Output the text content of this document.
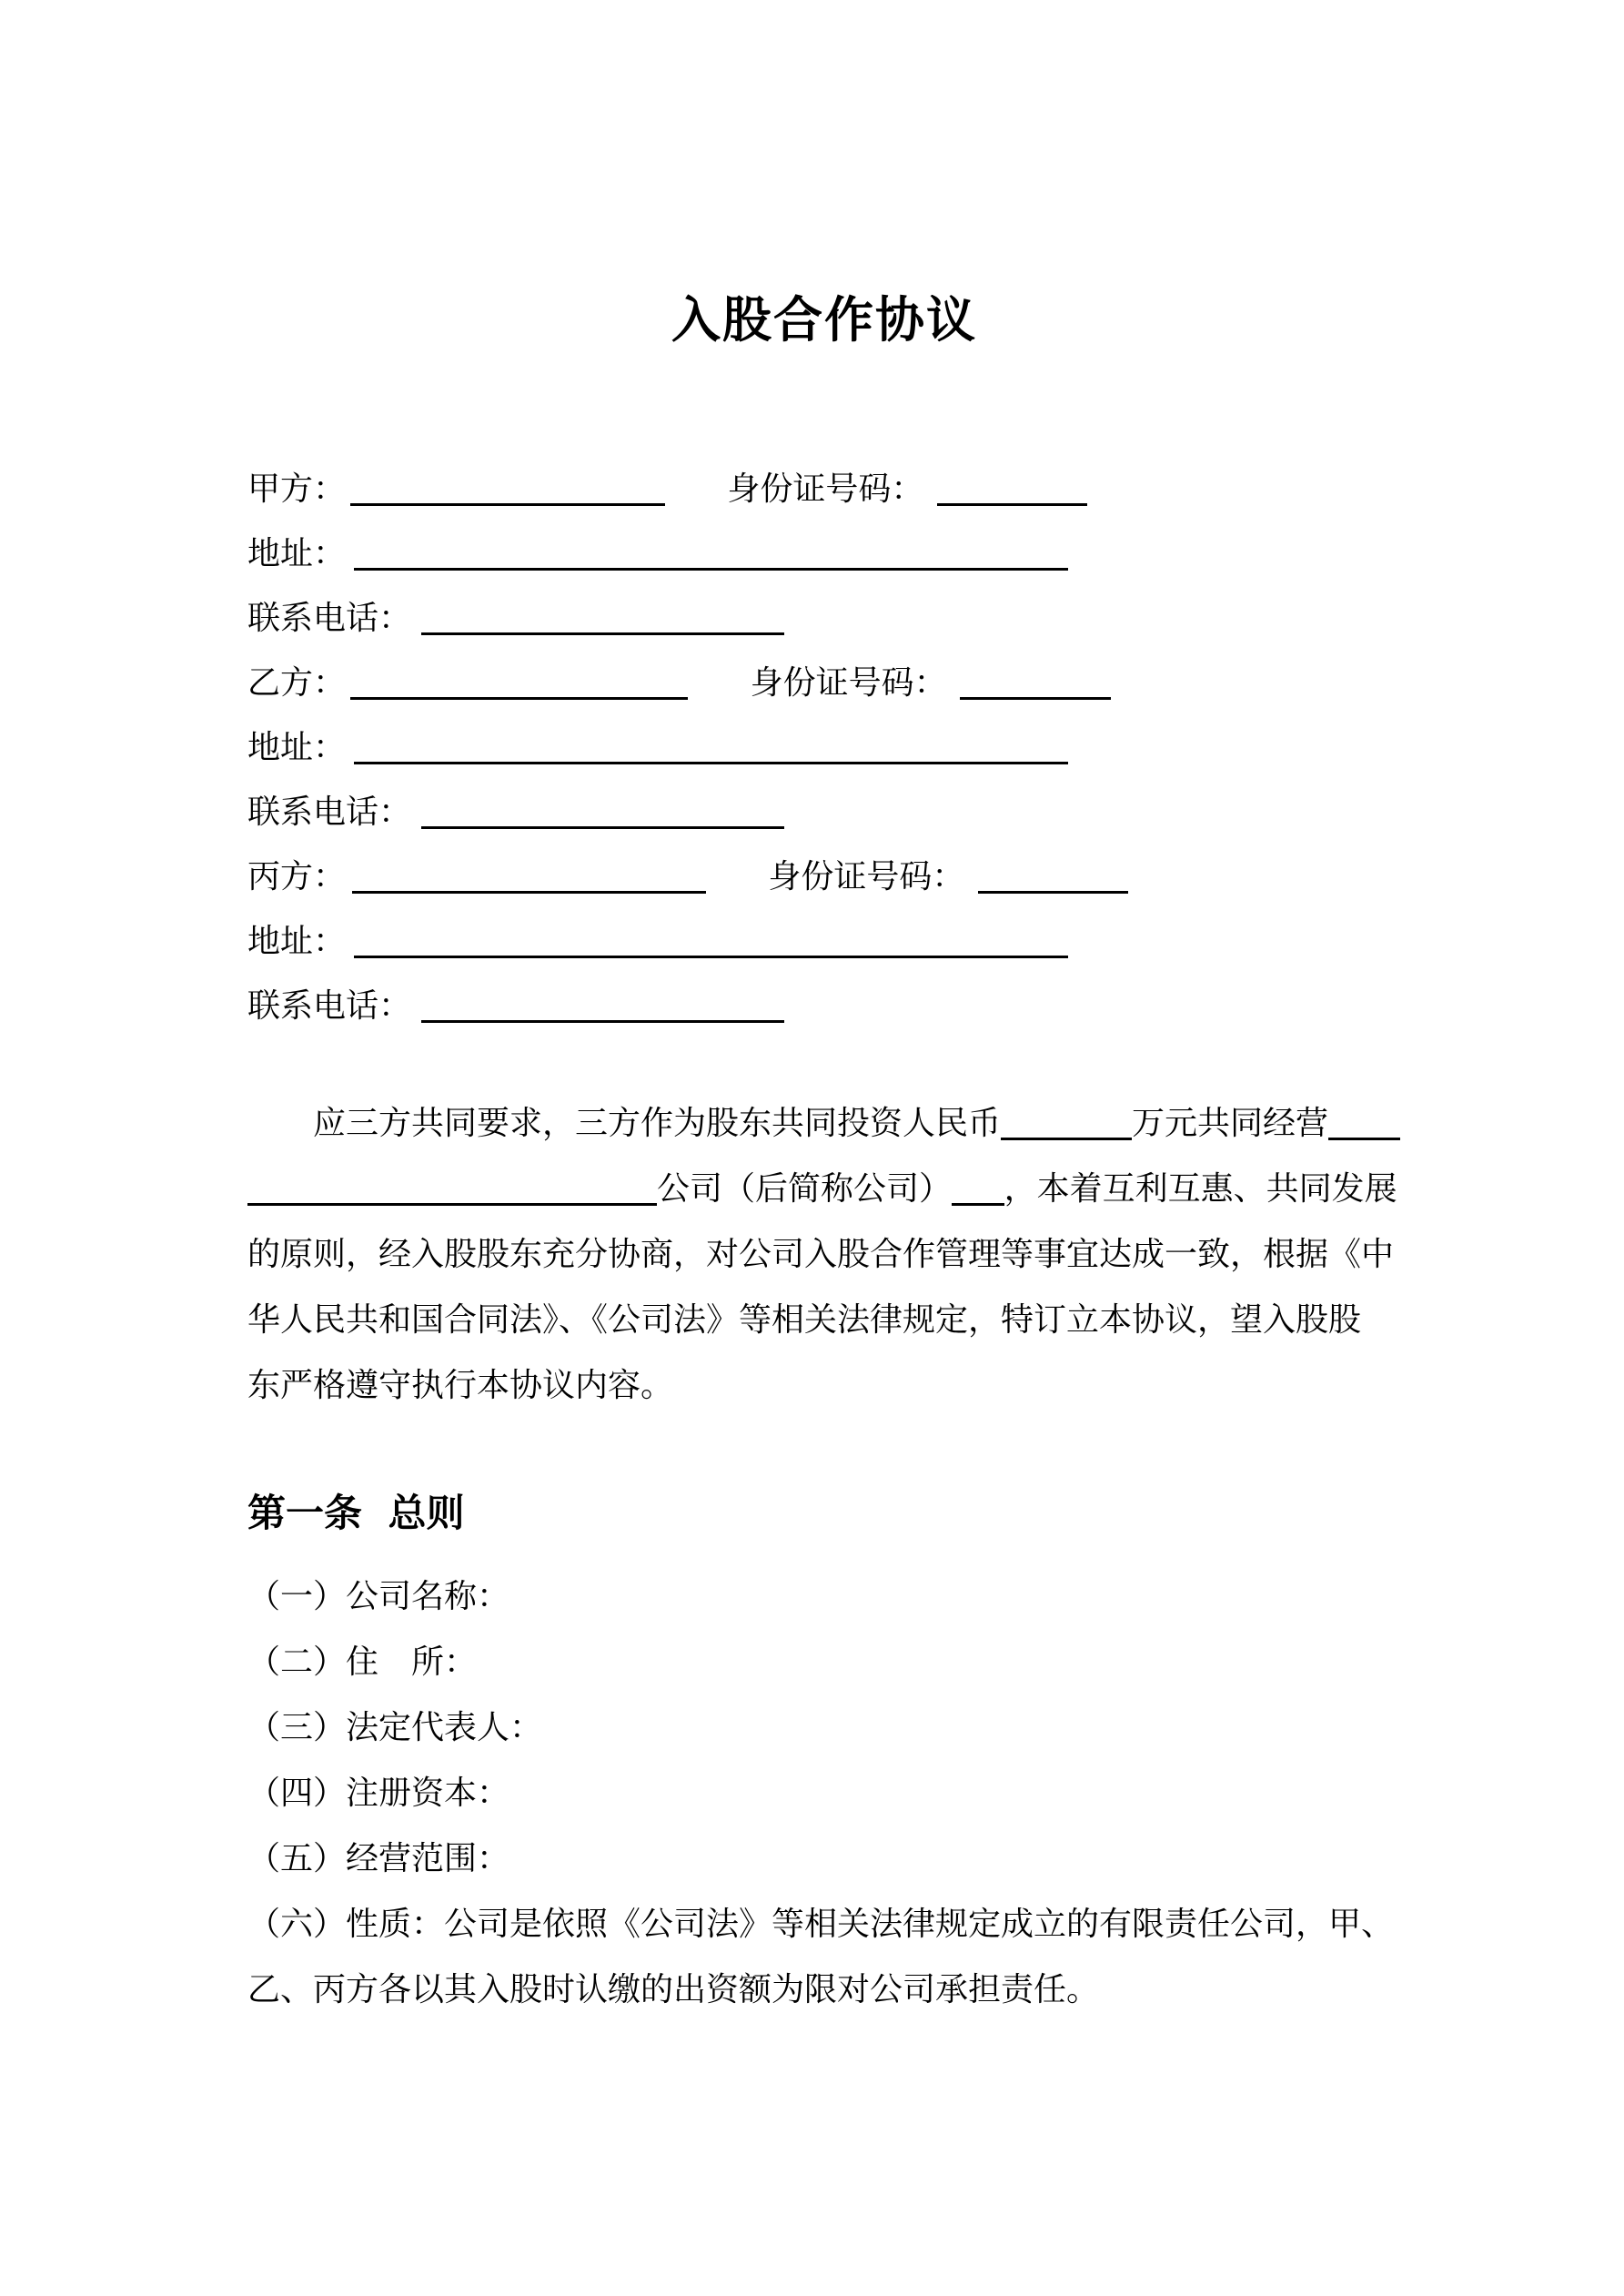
入股合作协议
甲方：	身份证号码：
地址：
联系电话：
乙方：	身份证号码：
地址：
联系电话：
丙方：	身份证号码：
地址：
联系电话：
应三方共同要求，三方作为股东共同投资人民币	万元共同经营
公司（后简称公司） ，本着互利互惠、共同发展
的原则，经入股股东充分协商，对公司入股合作管理等事宜达成一致，根据《中
华人民共和国合同法》、《公司法》等相关法律规定，特订立本协议，望入股股
东严格遵守执行本协议内容。
第一条 总则
（一）公司名称：
（二）住　所：
（三）法定代表人：
（四）注册资本：
（五）经营范围：
（六）性质：公司是依照《公司法》等相关法律规定成立的有限责任公司，甲、
乙、丙方各以其入股时认缴的出资额为限对公司承担责任。
